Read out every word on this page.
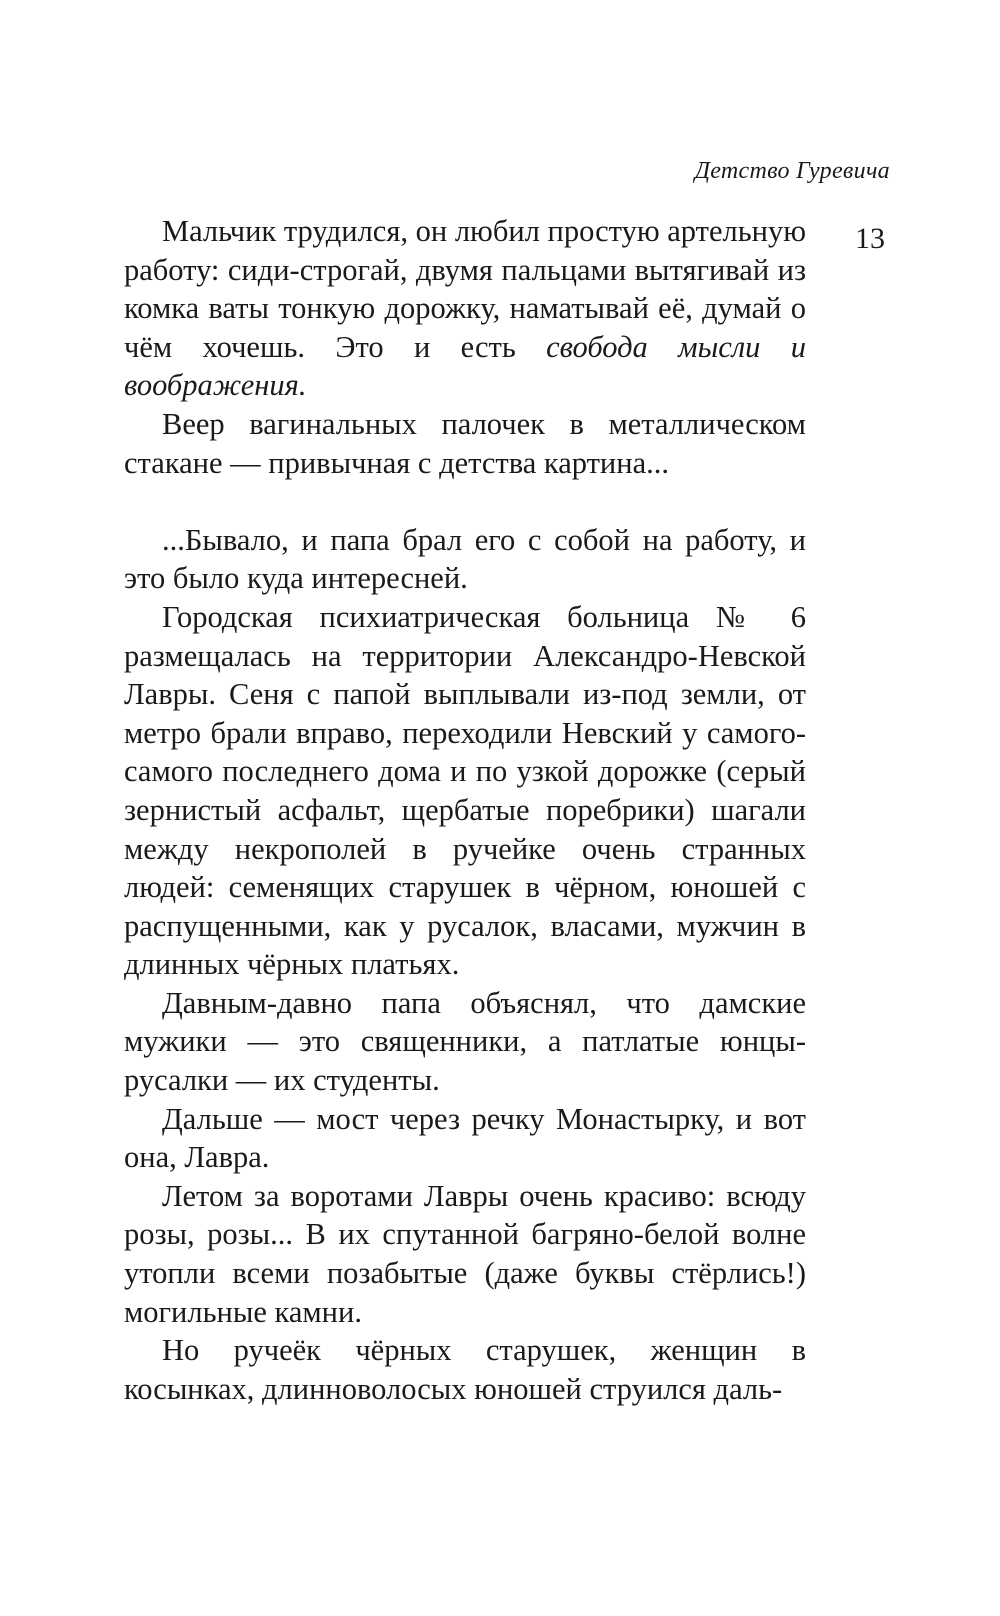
Детство Гуревича
13

Мальчик трудился, он любил простую артельную работу: сиди-строгай, двумя пальцами вытягивай из комка ваты тонкую дорожку, наматывай её, думай о чём хочешь. Это и есть свобода мысли и воображения.

Веер вагинальных палочек в металлическом стакане — привычная с детства картина...

...Бывало, и папа брал его с собой на работу, и это было куда интересней.

Городская психиатрическая больница № 6 размещалась на территории Александро-Невской Лавры. Сеня с папой выплывали из-под земли, от метро брали вправо, переходили Невский у самого-самого последнего дома и по узкой дорожке (серый зернистый асфальт, щербатые поребрики) шагали между некрополей в ручейке очень странных людей: семенящих старушек в чёрном, юношей с распущенными, как у русалок, власами, мужчин в длинных чёрных платьях.

Давным-давно папа объяснял, что дамские мужики — это священники, а патлатые юнцы-русалки — их студенты.

Дальше — мост через речку Монастырку, и вот она, Лавра.

Летом за воротами Лавры очень красиво: всюду розы, розы... В их спутанной багряно-белой волне утопли всеми позабытые (даже буквы стёрлись!) могильные камни.

Но ручеёк чёрных старушек, женщин в косынках, длинноволосых юношей струился даль-
